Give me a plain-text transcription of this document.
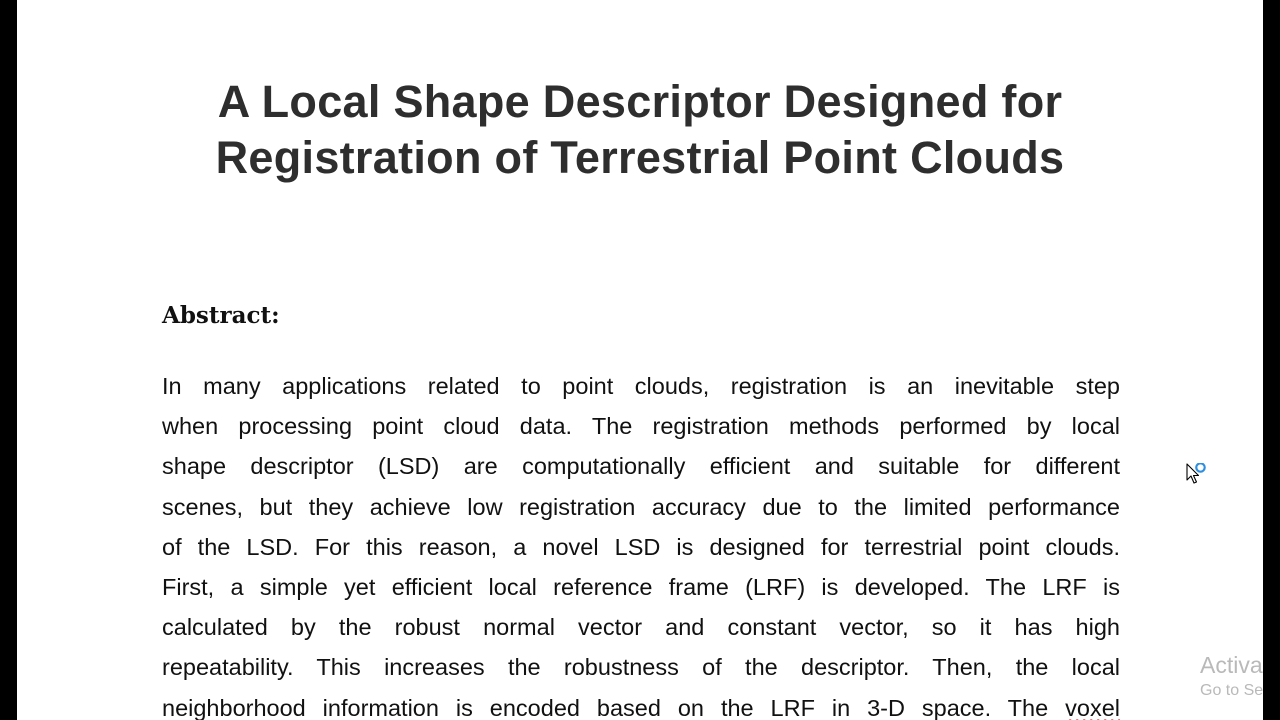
A Local Shape Descriptor Designed for
Registration of Terrestrial Point Clouds
Abstract:
In many applications related to point clouds, registration is an inevitable step
when processing point cloud data. The registration methods performed by local
shape descriptor (LSD) are computationally efficient and suitable for different
scenes, but they achieve low registration accuracy due to the limited performance
of the LSD. For this reason, a novel LSD is designed for terrestrial point clouds.
First, a simple yet efficient local reference frame (LRF) is developed. The LRF is
calculated by the robust normal vector and constant vector, so it has high
repeatability. This increases the robustness of the descriptor. Then, the local
neighborhood information is encoded based on the LRF in 3-D space. The voxel
Activa
Go to Se
